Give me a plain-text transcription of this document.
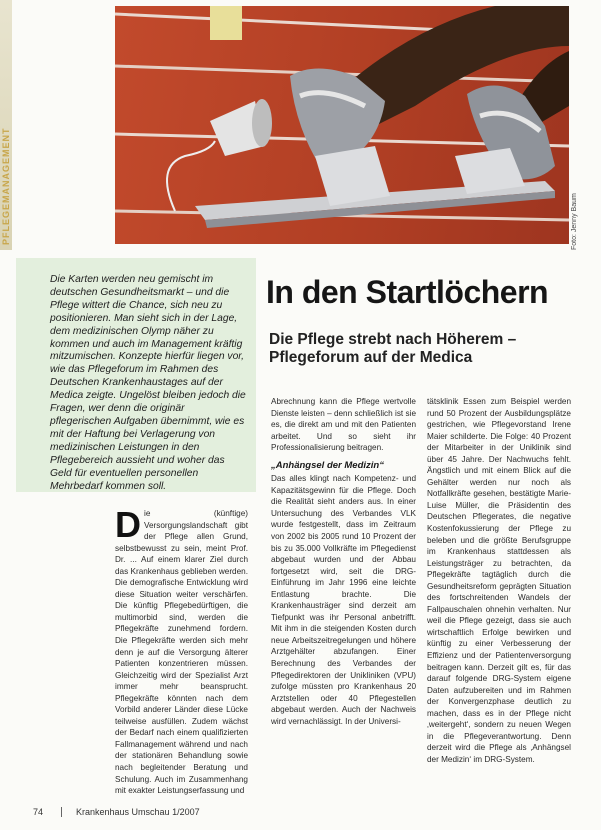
PFLEGEMANAGEMENT	Foto: Jenny Baum
Die Karten werden neu gemischt im deutschen Gesundheitsmarkt – und die Pflege wittert die Chance, sich neu zu positionieren. Man sieht sich in der Lage, dem medizinischen Olymp näher zu kommen und auch im Management kräftig mitzumischen. Konzepte hierfür liegen vor, wie das Pflegeforum im Rahmen des Deutschen Krankenhaustages auf der Medica zeigte. Ungelöst bleiben jedoch die Fragen, wer denn die originär pflegerischen Aufgaben übernimmt, wie es mit der Haftung bei Verlagerung von medizinischen Leistungen in den Pflegebereich aussieht und woher das Geld für eventuellen personellen Mehrbedarf kommen soll.
In den Startlöchern
Die Pflege strebt nach Höherem – Pflegeforum auf der Medica
Die (künftige) Versorgungslandschaft gibt der Pflege allen Grund, selbstbewusst zu sein, meint Prof. Dr. ... Auf einem klarer Ziel durch das Krankenhaus geblieben werden. Die demografische Entwicklung wird diese Situation weiter verschärfen. Die künftig Pflegebedürftigen, die multimorbid sind, werden die Pflegekräfte zunehmend fordern. Die Pflegekräfte werden sich mehr denn je auf die Versorgung älterer Patienten konzentrieren müssen. Gleichzeitig wird der Spezialist Arzt immer mehr beansprucht. Pflegekräfte könnten nach dem Vorbild anderer Länder diese Lücke teilweise ausfüllen. Zudem wächst der Bedarf nach einem qualifizierten Fallmanagement während und nach der stationären Behandlung sowie nach begleitender Beratung und Schulung. Auch im Zusammenhang mit exakter Leistungserfassung und
Abrechnung kann die Pflege wertvolle Dienste leisten – denn schließlich ist sie es, die direkt am und mit den Patienten arbeitet. Und so sieht ihr Professionalisierung beitragen.
„Anhängsel der Medizin“
Das alles klingt nach Kompetenz- und Kapazitätsgewinn für die Pflege. Doch die Realität sieht anders aus. In einer Untersuchung des Verbandes VLK wurde festgestellt, dass im Zeitraum von 2002 bis 2005 rund 10 Prozent der bis zu 35.000 Vollkräfte im Pflegedienst abgebaut wurden und der Abbau fortgesetzt wird, seit die DRG-Einführung im Jahr 1996 eine leichte Entlastung brachte. Die Krankenhausträger sind derzeit am Tiefpunkt was ihr Personal anbetrifft. Mit ihm in die steigenden Kosten durch neue Arbeitszeitregelungen und höhere Arztgehälter abzufangen. Einer Berechnung des Verbandes der Pflegedirektoren der Unikliniken (VPU) zufolge müssten pro Krankenhaus 20 Arztstellen oder 40 Pflegestellen abgebaut werden. Auch der Nachweis wird vernachlässigt. In der Universi-
tätsklinik Essen zum Beispiel werden rund 50 Prozent der Ausbildungsplätze gestrichen, wie Pflegevorstand Irene Maier schilderte. Die Folge: 40 Prozent der Mitarbeiter in der Uniklinik sind über 45 Jahre. Der Nachwuchs fehlt. Ängstlich und mit einem Blick auf die Gehälter werden nur noch als Notfallkräfte gesehen, bestätigte Marie-Luise Müller, die Präsidentin des Deutschen Pflegerates, die negative Kostenfokussierung der Pflege zu beleben und die größte Berufsgruppe im Krankenhaus stattdessen als Leistungsträger zu betrachten, da Pflegekräfte tagtäglich durch die Gesundheitsreform geprägten Situation des fortschreitenden Wandels der Fallpauschalen ohnehin verhalten. Nur weil die Pflege gezeigt, dass sie auch wirtschaftlich Erfolge bewirken und künftig zu einer Verbesserung der Effizienz und der Patientenversorgung beitragen kann. Derzeit gilt es, für das darauf folgende DRG-System eigene Daten aufzubereiten und im Rahmen der Konvergenzphase deutlich zu machen, dass es in der Pflege nicht ‚weitergeht‘, sondern zu neuen Wegen in die Pflegeverantwortung. Denn derzeit wird die Pflege als ‚Anhängsel der Medizin‘ im DRG-System.
74	Krankenhaus Umschau 1/2007
